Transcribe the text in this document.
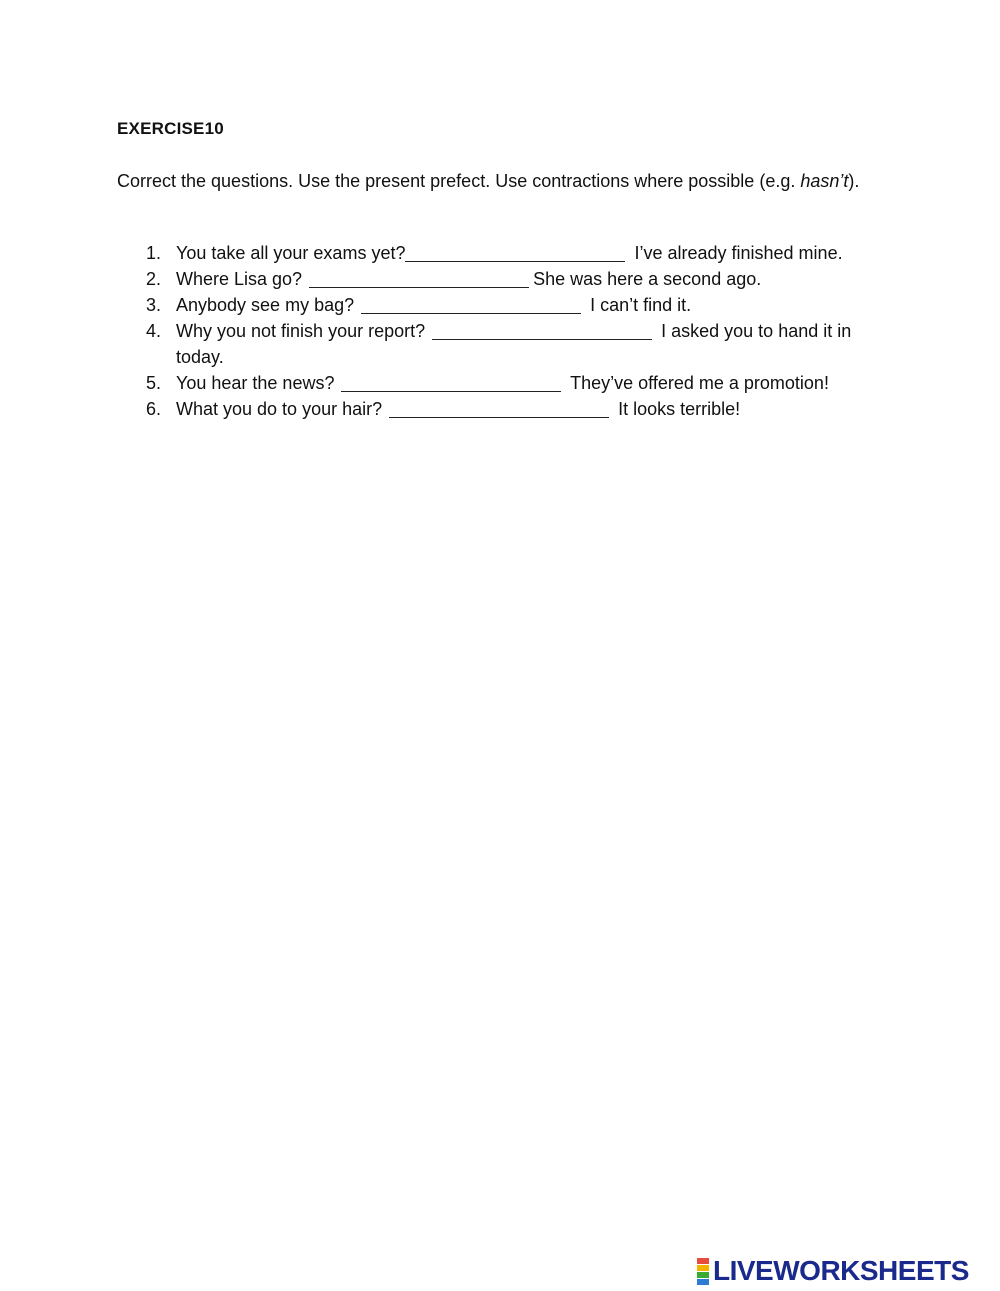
EXERCISE10
Correct the questions. Use the present prefect. Use contractions where possible (e.g. hasn’t).
1. You take all your exams yet?	I’ve already finished mine.
2. Where Lisa go?	She was here a second ago.
3. Anybody see my bag?	I can’t find it.
4. Why you not finish your report?	I asked you to hand it in today.
5. You hear the news?	They’ve offered me a promotion!
6. What you do to your hair?	It looks terrible!
LIVEWORKSHEETS
